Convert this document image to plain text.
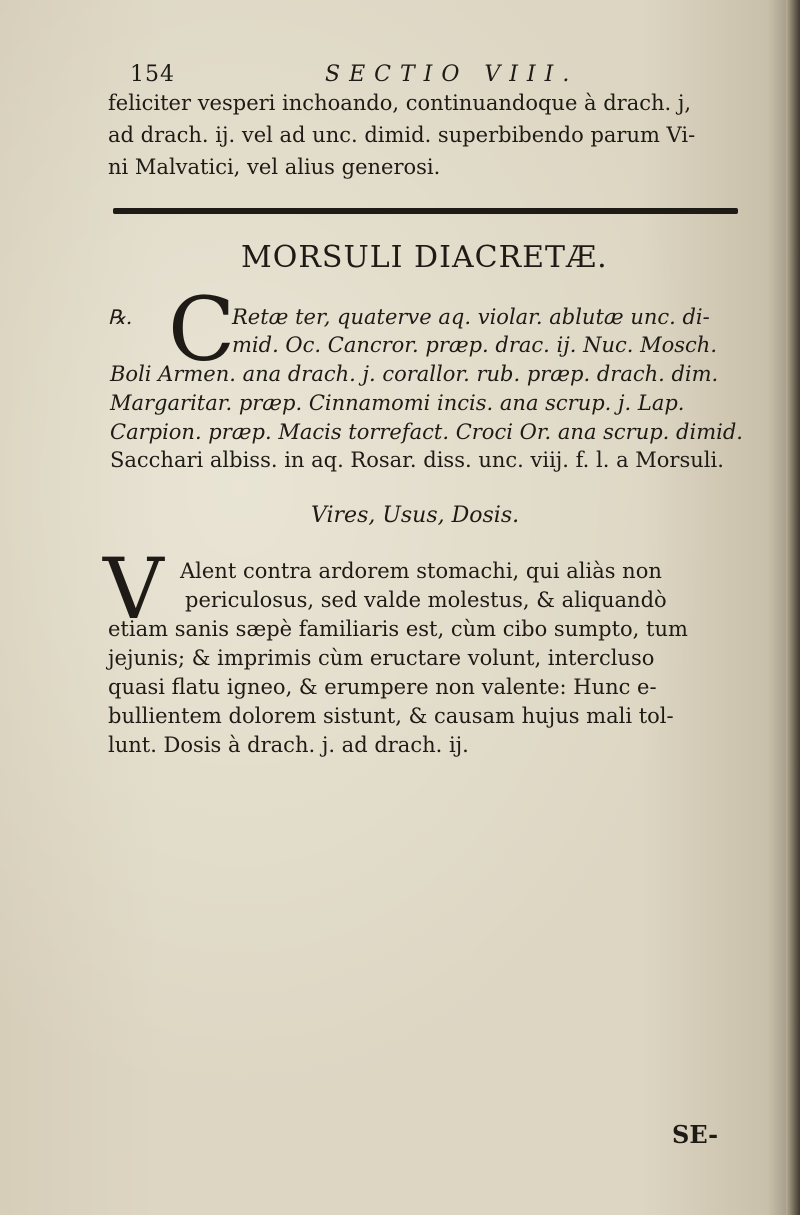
154	SECTIO VIII.
feliciter vesperi inchoando, continuandoque à drach. j,
ad drach. ij. vel ad unc. dimid. superbibendo parum Vi-
ni Malvatici, vel alius generosi.
MORSULI DIACRETÆ.
℞. C
Retæ ter, quaterve aq. violar. ablutæ unc. di-
mid. Oc. Cancror. præp. drac. ij. Nuc. Mosch.
Boli Armen. ana drach. j. corallor. rub. præp. drach. dim.
Margaritar. præp. Cinnamomi incis. ana scrup. j. Lap.
Carpion. præp. Macis torrefact. Croci Or. ana scrup. dimid.
Sacchari albiss. in aq. Rosar. diss. unc. viij. f. l. a Morsuli.
Vires, Usus, Dosis.
V Alent contra ardorem stomachi, qui aliàs non
periculosus, sed valde molestus, & aliquandò
etiam sanis sæpè familiaris est, cùm cibo sumpto, tum
jejunis; & imprimis cùm eructare volunt, intercluso
quasi flatu igneo, & erumpere non valente: Hunc e-
bullientem dolorem sistunt, & causam hujus mali tol-
lunt. Dosis à drach. j. ad drach. ij.
SE-
